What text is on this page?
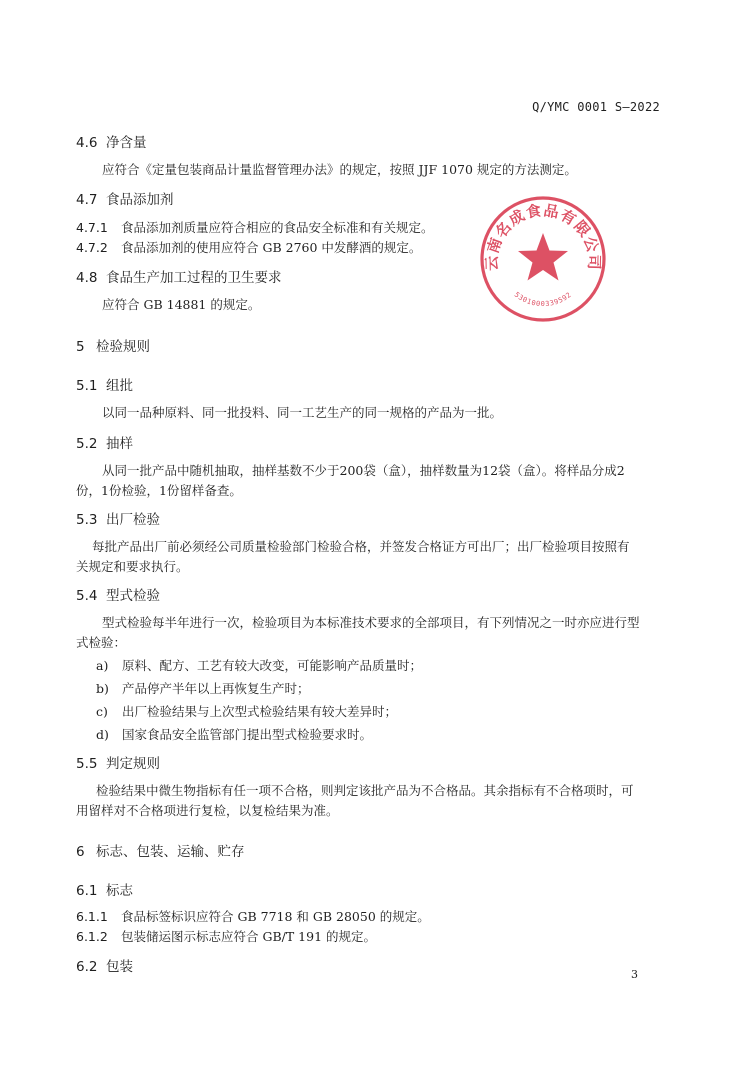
Q/YMC 0001 S—2022
4.6 净含量
应符合《定量包装商品计量监督管理办法》的规定，按照 JJF 1070 规定的方法测定。
4.7 食品添加剂
4.7.1 食品添加剂质量应符合相应的食品安全标准和有关规定。
4.7.2 食品添加剂的使用应符合 GB 2760 中发酵酒的规定。
4.8 食品生产加工过程的卫生要求
应符合 GB 14881 的规定。
5 检验规则
5.1 组批
以同一品种原料、同一批投料、同一工艺生产的同一规格的产品为一批。
5.2 抽样
从同一批产品中随机抽取，抽样基数不少于200袋（盒），抽样数量为12袋（盒）。将样品分成2
份，1份检验，1份留样备查。
5.3 出厂检验
每批产品出厂前必须经公司质量检验部门检验合格，并签发合格证方可出厂；出厂检验项目按照有
关规定和要求执行。
5.4 型式检验
型式检验每半年进行一次，检验项目为本标准技术要求的全部项目，有下列情况之一时亦应进行型
式检验：
a) 原料、配方、工艺有较大改变，可能影响产品质量时；
b) 产品停产半年以上再恢复生产时；
c) 出厂检验结果与上次型式检验结果有较大差异时；
d) 国家食品安全监管部门提出型式检验要求时。
5.5 判定规则
检验结果中微生物指标有任一项不合格，则判定该批产品为不合格品。其余指标有不合格项时，可
用留样对不合格项进行复检，以复检结果为准。
6 标志、包装、运输、贮存
6.1 标志
6.1.1 食品标签标识应符合 GB 7718 和 GB 28050 的规定。
6.1.2 包装储运图示标志应符合 GB/T 191 的规定。
6.2 包装	3
云南名成食品有限公司
5301000339592
